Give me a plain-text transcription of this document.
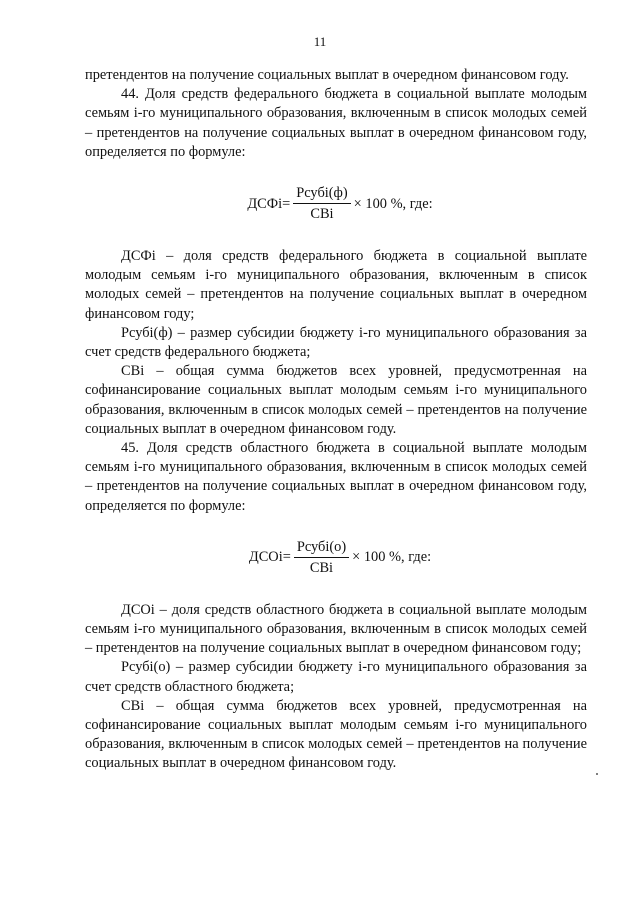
11

претендентов на получение социальных выплат в очередном финансовом году.

44. Доля средств федерального бюджета в социальной выплате молодым семьям i-го муниципального образования, включенным в список молодых семей – претендентов на получение социальных выплат в очередном финансовом году, определяется по формуле:

ДСФi= $\frac{\text{Рсубi(ф)}}{\text{СВi}} \times 100$ %, где:

ДСФi – доля средств федерального бюджета в социальной выплате молодым семьям i-го муниципального образования, включенным в список молодых семей – претендентов на получение социальных выплат в очередном финансовом году;

Рсубi(ф) – размер субсидии бюджету i-го муниципального образования за счет средств федерального бюджета;

СВi – общая сумма бюджетов всех уровней, предусмотренная на софинансирование социальных выплат молодым семьям i-го муниципального образования, включенным в список молодых семей – претендентов на получение социальных выплат в очередном финансовом году.

45. Доля средств областного бюджета в социальной выплате молодым семьям i-го муниципального образования, включенным в список молодых семей – претендентов на получение социальных выплат в очередном финансовом году, определяется по формуле:

ДСОi= $\frac{\text{Рсубi(о)}}{\text{СВi}} \times 100$ %, где:

ДСОi – доля средств областного бюджета в социальной выплате молодым семьям i-го муниципального образования, включенным в список молодых семей – претендентов на получение социальных выплат в очередном финансовом году;

Рсубi(о) – размер субсидии бюджету i-го муниципального образования за счет средств областного бюджета;

СВi – общая сумма бюджетов всех уровней, предусмотренная на софинансирование социальных выплат молодым семьям i-го муниципального образования, включенным в список молодых семей – претендентов на получение социальных выплат в очередном финансовом году.
